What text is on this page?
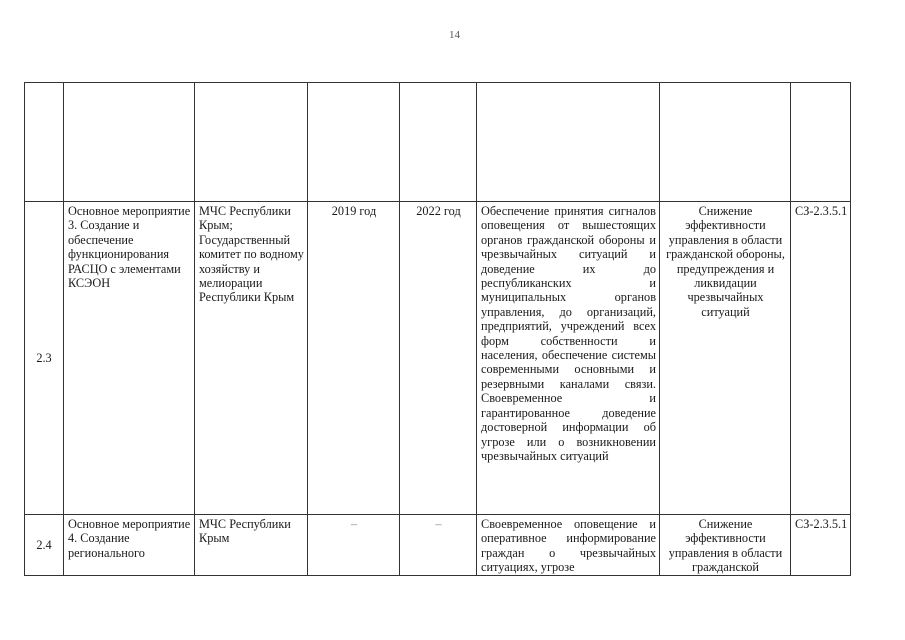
14

2.3	Основное мероприятие 3. Создание и обеспечение функционирования РАСЦО с элементами КСЭОН	МЧС Республики Крым; Государственный комитет по водному хозяйству и мелиорации Республики Крым	2019 год	2022 год	Обеспечение принятия сигналов оповещения от вышестоящих органов гражданской обороны и чрезвычайных ситуаций и доведение их до республиканских и муниципальных органов управления, до организаций, предприятий, учреждений всех форм собственности и населения, обеспечение системы современными основными и резервными каналами связи. Своевременное и гарантированное доведение достоверной информации об угрозе или о возникновении чрезвычайных ситуаций	Снижение эффективности управления в области гражданской обороны, предупреждения и ликвидации чрезвычайных ситуаций	СЗ-2.3.5.1
2.4	Основное мероприятие 4. Создание регионального	МЧС Республики Крым	–	–	Своевременное оповещение и оперативное информирование граждан о чрезвычайных ситуациях, угрозе	Снижение эффективности управления в области гражданской	СЗ-2.3.5.1
